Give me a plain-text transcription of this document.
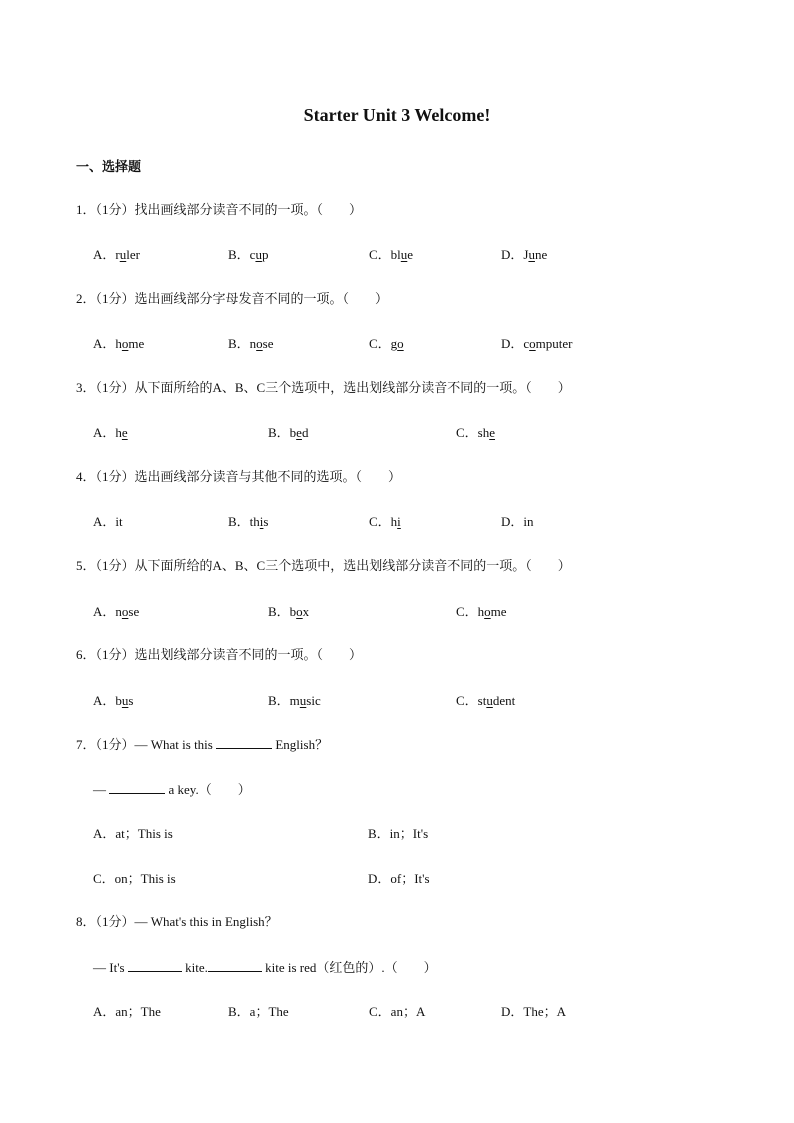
Starter Unit 3 Welcome!
一、选择题
1．（1分）找出画线部分读音不同的一项。（　　）
A．ruler	B．cup	C．blue	D．June
2．（1分）选出画线部分字母发音不同的一项。（　　）
A．home	B．nose	C．go	D．computer
3．（1分）从下面所给的A、B、C三个选项中，选出划线部分读音不同的一项。（　　）
A．he	B．bed	C．she
4．（1分）选出画线部分读音与其他不同的选项。（　　）
A．it	B．this	C．hi	D．in
5．（1分）从下面所给的A、B、C三个选项中，选出划线部分读音不同的一项。（　　）
A．nose	B．box	C．home
6．（1分）选出划线部分读音不同的一项。（　　）
A．bus	B．music	C．student
7．（1分）— What is this	English？
—	a key.（　　）
A．at；This is	B．in；It's
C．on；This is	D．of；It's
8．（1分）— What's this in English？
— It's	kite.	kite is red（红色的）.（　　）
A．an；The	B．a；The	C．an；A	D．The；A
